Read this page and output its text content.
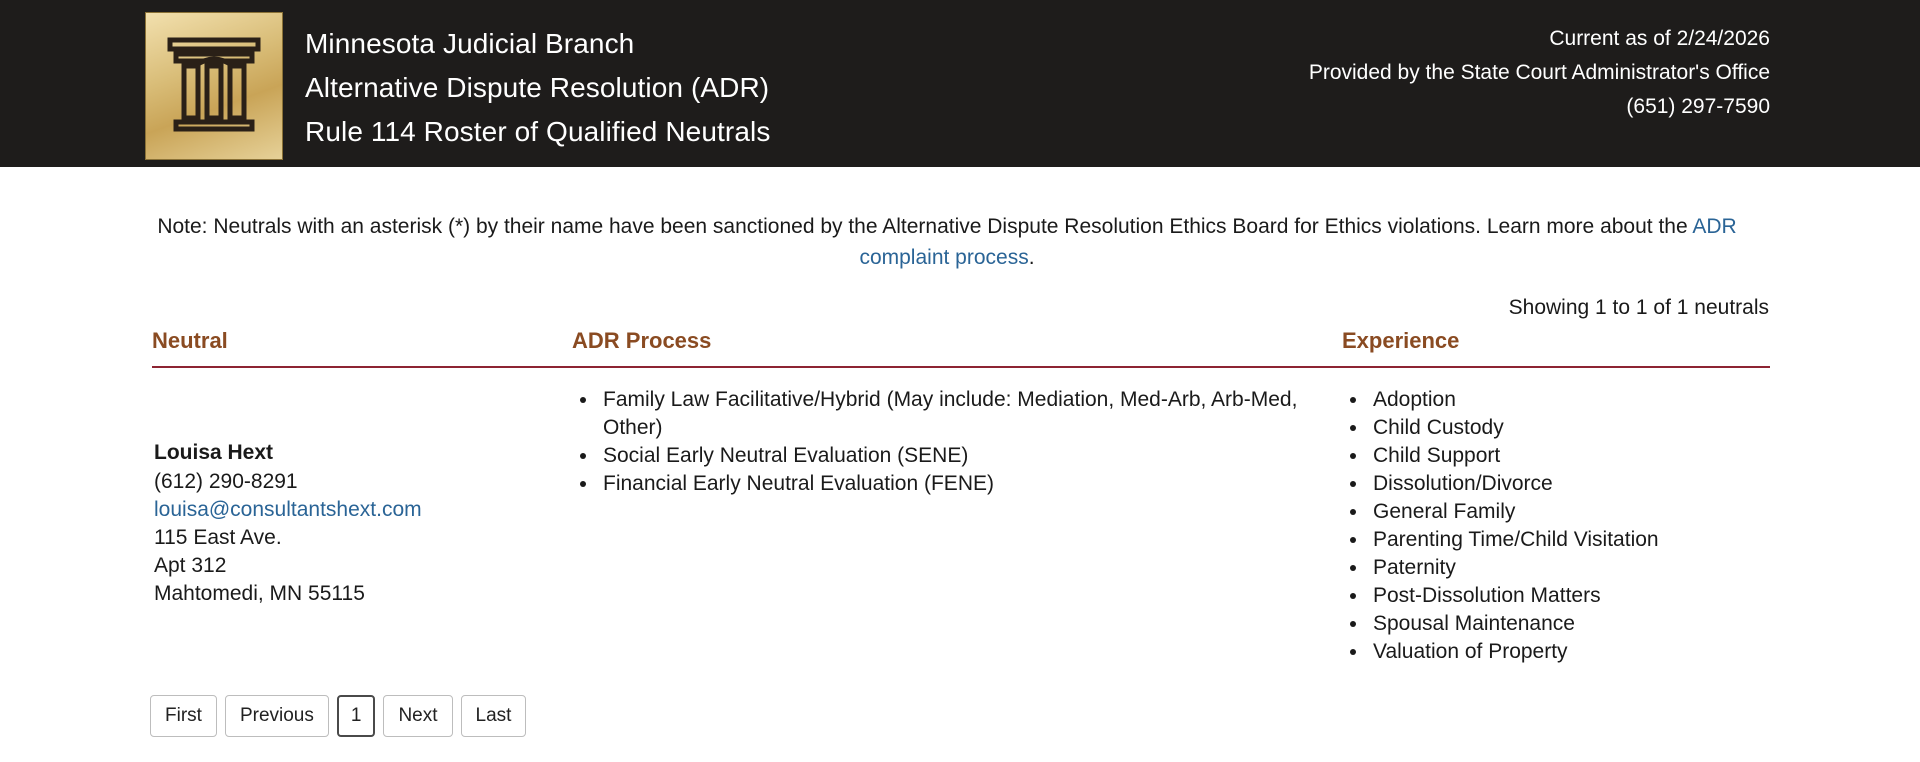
Minnesota Judicial Branch
Alternative Dispute Resolution (ADR)
Rule 114 Roster of Qualified Neutrals
Current as of 2/24/2026
Provided by the State Court Administrator's Office
(651) 297-7590
Note: Neutrals with an asterisk (*) by their name have been sanctioned by the Alternative Dispute Resolution Ethics Board for Ethics violations. Learn more about the ADR complaint process.
Showing 1 to 1 of 1 neutrals
Neutral	ADR Process	Experience

Louisa Hext
(612) 290-8291
louisa@consultantshext.com
115 East Ave.
Apt 312
Mahtomedi, MN 55115

• Family Law Facilitative/Hybrid (May include: Mediation, Med-Arb, Arb-Med, Other)
• Social Early Neutral Evaluation (SENE)
• Financial Early Neutral Evaluation (FENE)

• Adoption
• Child Custody
• Child Support
• Dissolution/Divorce
• General Family
• Parenting Time/Child Visitation
• Paternity
• Post-Dissolution Matters
• Spousal Maintenance
• Valuation of Property
First	Previous	1	Next	Last
